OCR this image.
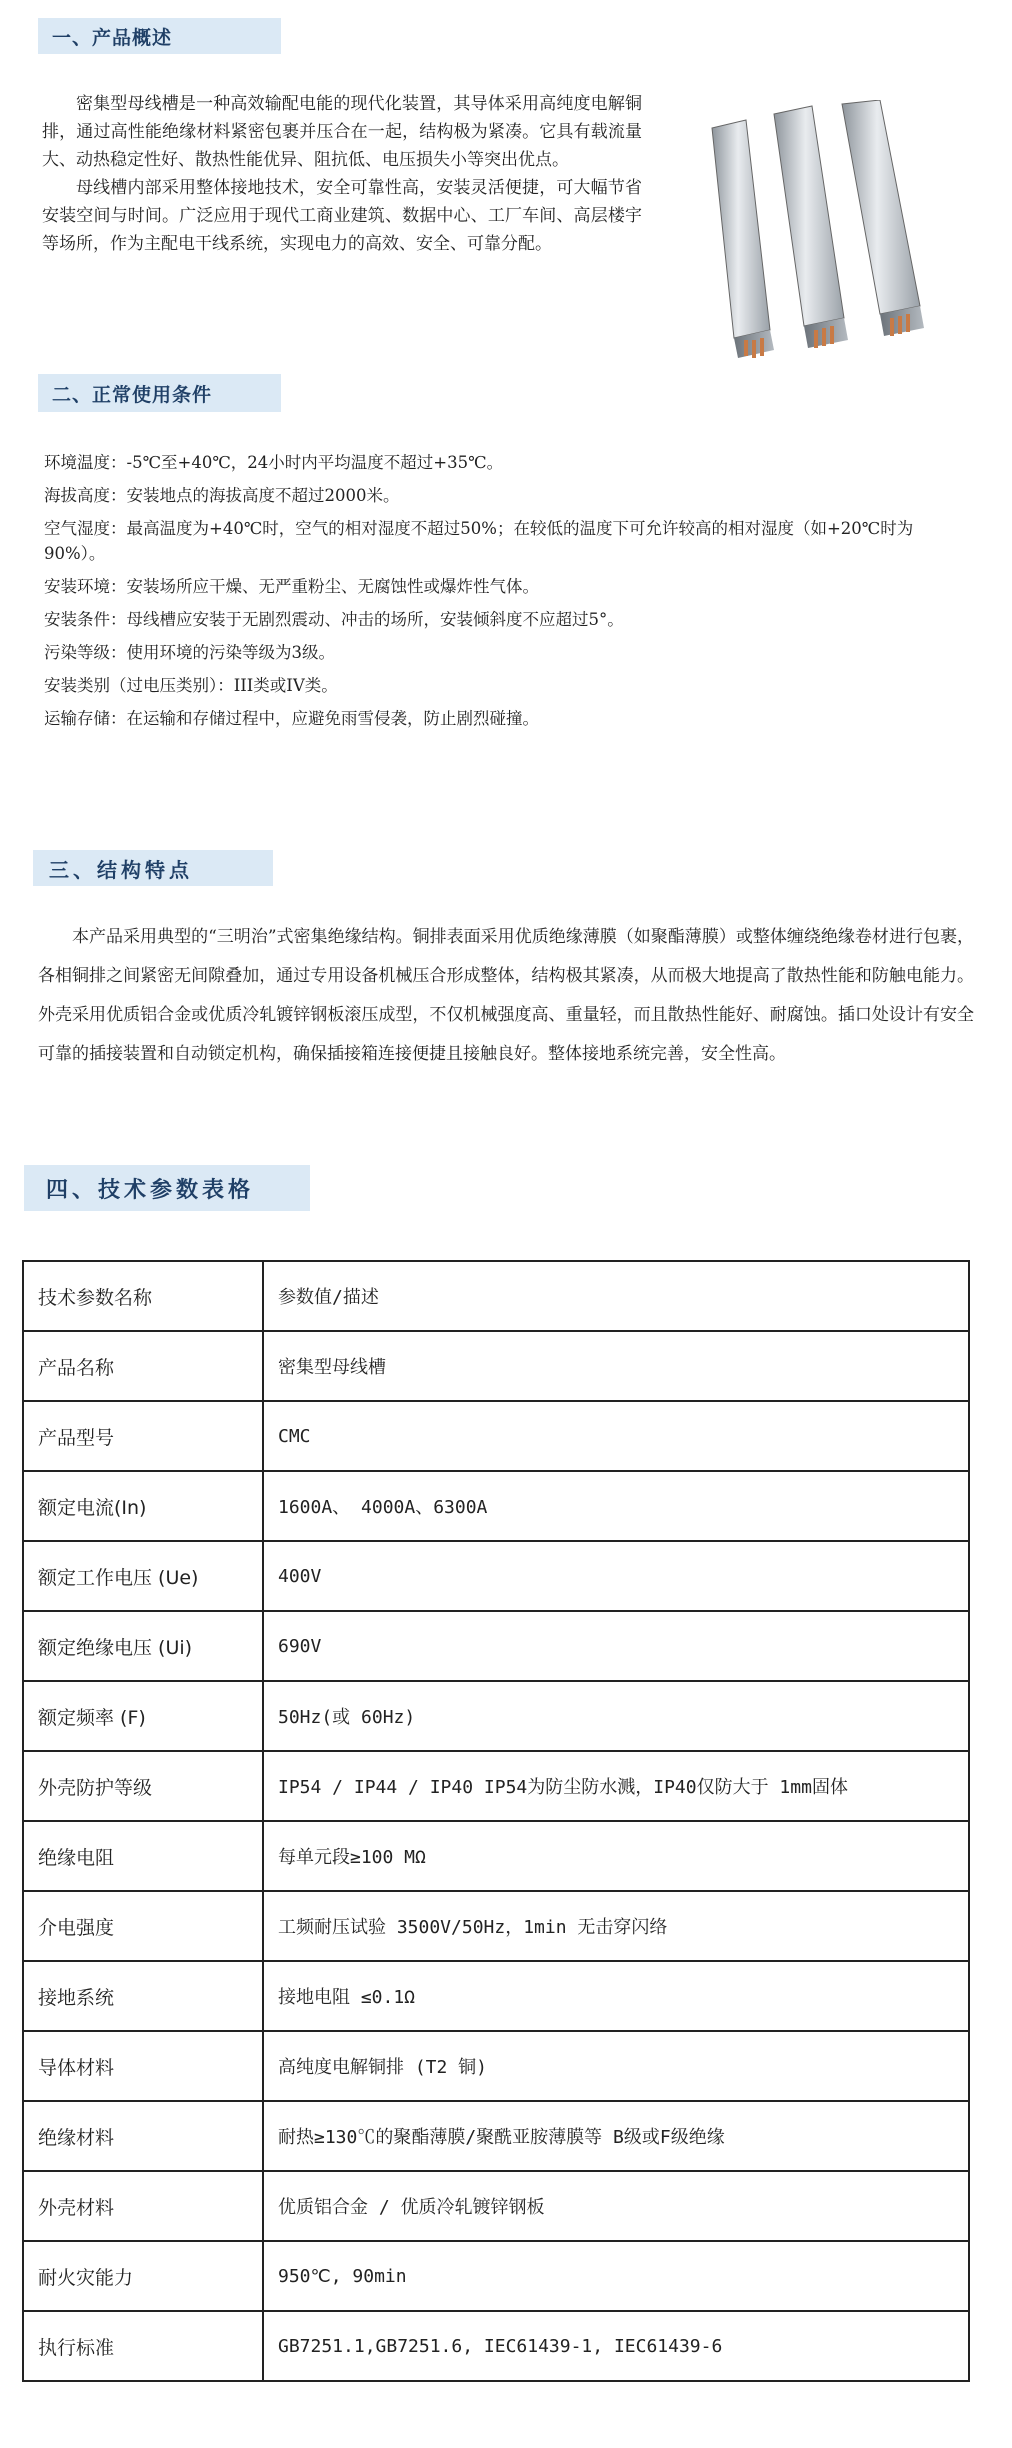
一、产品概述

密集型母线槽是一种高效输配电能的现代化装置，其导体采用高纯度电解铜排，通过高性能绝缘材料紧密包裹并压合在一起，结构极为紧凑。它具有载流量大、动热稳定性好、散热性能优异、阻抗低、电压损失小等突出优点。

母线槽内部采用整体接地技术，安全可靠性高，安装灵活便捷，可大幅节省安装空间与时间。广泛应用于现代工商业建筑、数据中心、工厂车间、高层楼宇等场所，作为主配电干线系统，实现电力的高效、安全、可靠分配。

二、正常使用条件

环境温度：-5℃至+40℃，24小时内平均温度不超过+35℃。

海拔高度：安装地点的海拔高度不超过2000米。

空气湿度：最高温度为+40℃时，空气的相对湿度不超过50%；在较低的温度下可允许较高的相对湿度（如+20℃时为90%）。

安装环境：安装场所应干燥、无严重粉尘、无腐蚀性或爆炸性气体。

安装条件：母线槽应安装于无剧烈震动、冲击的场所，安装倾斜度不应超过5°。

污染等级：使用环境的污染等级为3级。

安装类别（过电压类别）：III类或IV类。

运输存储：在运输和存储过程中，应避免雨雪侵袭，防止剧烈碰撞。

三、结构特点

本产品采用典型的“三明治”式密集绝缘结构。铜排表面采用优质绝缘薄膜（如聚酯薄膜）或整体缠绕绝缘卷材进行包裹，各相铜排之间紧密无间隙叠加，通过专用设备机械压合形成整体，结构极其紧凑，从而极大地提高了散热性能和防触电能力。外壳采用优质铝合金或优质冷轧镀锌钢板滚压成型，不仅机械强度高、重量轻，而且散热性能好、耐腐蚀。插口处设计有安全可靠的插接装置和自动锁定机构，确保插接箱连接便捷且接触良好。整体接地系统完善，安全性高。

四、技术参数表格
技术参数名称	参数值/描述
产品名称	密集型母线槽
产品型号	CMC
额定电流(In)	1600A、 4000A、6300A
额定工作电压 (Ue)	400V
额定绝缘电压 (Ui)	690V
额定频率 (F)	50Hz(或 60Hz)
外壳防护等级	IP54 / IP44 / IP40 IP54为防尘防水溅，IP40仅防大于 1mm固体
绝缘电阻	每单元段≥100 MΩ
介电强度	工频耐压试验 3500V/50Hz，1min 无击穿闪络
接地系统	接地电阻 ≤0.1Ω
导体材料	高纯度电解铜排 (T2 铜)
绝缘材料	耐热≥130℃的聚酯薄膜/聚酰亚胺薄膜等 B级或F级绝缘
外壳材料	优质铝合金 / 优质冷轧镀锌钢板
耐火灾能力	950℃, 90min
执行标准	GB7251.1,GB7251.6, IEC61439-1, IEC61439-6
